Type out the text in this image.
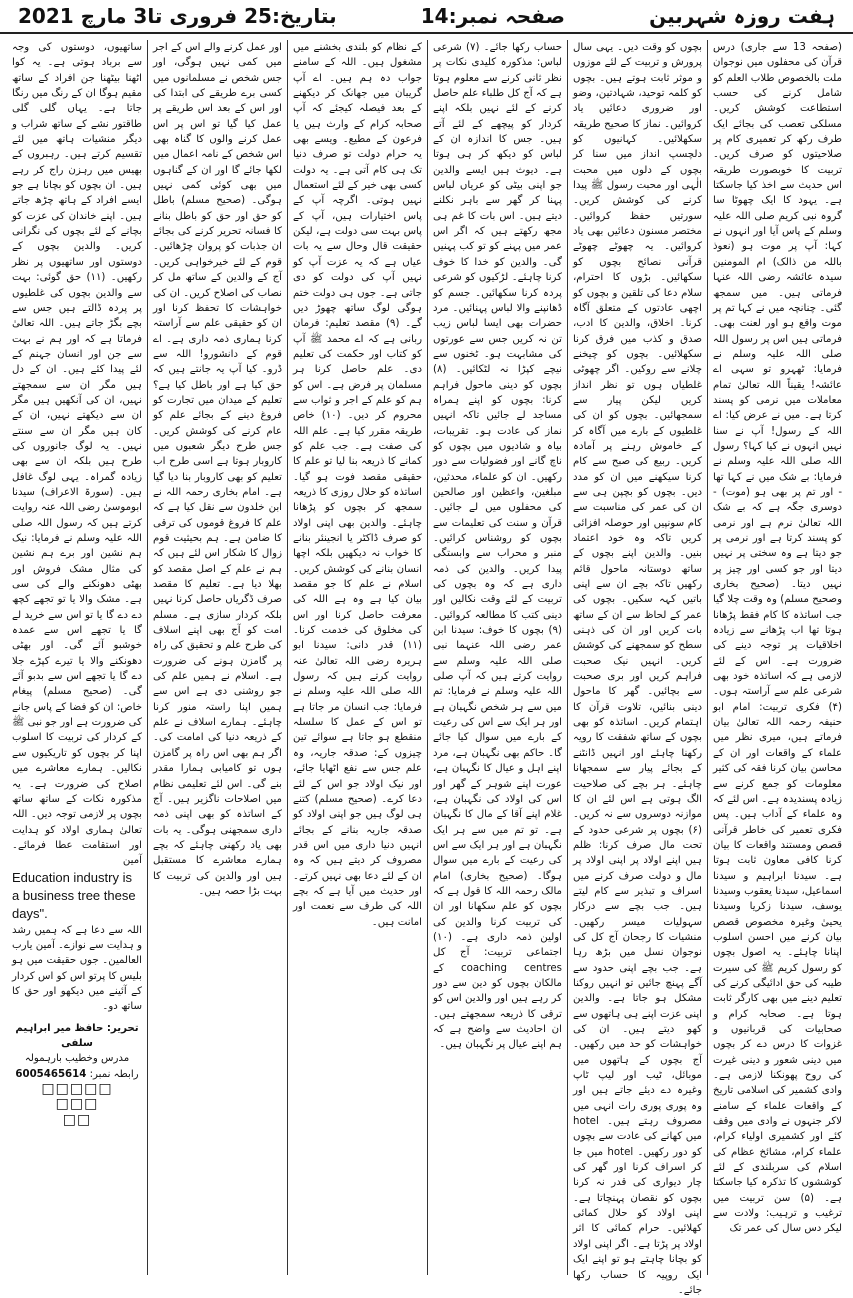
بتاریخ:25 فروری تا3 مارچ 2021	صفحہ نمبر:14	ہفت روزہ شہربین

(صفحہ 13 سے جاری) درس قرآن کی محفلوں میں نوجوان ملت بالخصوص طلاب العلم کو شامل کرنے کی حسب استطاعت کوشش کریں۔ مسلکی تعصب کی بجائے ایک طرف رکھ کر تعمیری کام پر صلاحیتوں کو صرف کریں۔ تربیت کا خوبصورت طریقہ اس حدیث سے اخذ کیا جاسکتا ہے۔ یہود کا ایک چھوٹا سا گروہ نبی کریم صلی اللہ علیہ وسلم کے پاس آیا اور انہوں نے کہا: آپ پر موت ہو (نعوذ باللہ من ذالک) ام المومنین سیدہ عائشہ رضی اللہ عنہا فرماتی ہیں۔ میں سمجھ گئی۔ چنانچہ میں نے کہا تم پر موت واقع ہو اور لعنت بھی۔ فرماتی ہیں اس پر رسول اللہ صلی اللہ علیہ وسلم نے فرمایا: ٹھہرو تو سہی اے عائشہ! یقیناً اللہ تعالیٰ تمام معاملات میں نرمی کو پسند کرتا ہے۔ میں نے عرض کیا: اے اللہ کے رسول! آپ نے سنا نہیں انہوں نے کیا کہا؟ رسول اللہ صلی اللہ علیہ وسلم نے فرمایا: بے شک میں نے کہا تھا - اور تم پر بھی ہو (موت) - دوسری جگہ ہے کہ بے شک اللہ تعالیٰ نرم ہے اور نرمی کو پسند کرتا ہے اور نرمی پر جو دیتا ہے وہ سختی پر نہیں دیتا اور جو کسی اور چیز پر نہیں دیتا۔ (صحیح بخاری وصحیح مسلم) وہ وقت چلا گیا جب اساتذہ کا کام فقط پڑھانا ہوتا تھا اب پڑھانے سے زیادہ اخلاقیات پر توجہ دینے کی ضرورت ہے۔ اس کے لئے لازمی ہے کہ اساتذہ خود بھی شرعی علم سے آراستہ ہوں۔ (۴) فکری تربیت: امام ابو حنیفہ رحمہ اللہ تعالیٰ بیان فرماتے ہیں، میری نظر میں علماء کے واقعات اور ان کے محاسن بیان کرنا فقہ کی کثیر معلومات کو جمع کرنے سے زیادہ پسندیدہ ہے۔ اس لئے کہ وہ علماء کے آداب ہیں۔ پس فکری تعمیر کی خاطر قرآنی قصص ومستند واقعات کا بیان کرنا کافی معاون ثابت ہوتا ہے۔ سیدنا ابراہیم و سیدنا اسماعیل، سیدنا یعقوب وسیدنا یوسف، سیدنا زکریا وسیدنا یحییٰ وغیرہ مخصوص قصص بیان کرنے میں احسن اسلوب اپنانا چاہئے۔ یہ اصول بچوں کو رسول کریم ﷺ کی سیرت طیبہ کی حق ادائیگی کرنے کی تعلیم دینے میں بھی کارگر ثابت ہوتا ہے۔ صحابہ کرام و صحابیات کی قربانیوں و غزوات کا درس دے کر بچوں میں دینی شعور و دینی غیرت کی روح پھونکنا لازمی ہے۔ وادی کشمیر کی اسلامی تاریخ کے واقعات علماء کے سامنے لاکر جنہوں نے وادی میں وقف کئے اور کشمیری اولیاء کرام، علماء کرام، مشائخ عظام کی اسلام کی سربلندی کے لئے کوششوں کا تذکرہ کیا جاسکتا ہے۔ (۵) سن تربیت میں ترغیب و ترہیب: ولادت سے لیکر دس سال کی عمر تک

بچوں کو وقت دیں۔ یہی سال پرورش و تربیت کے لئے موزوں و موثر ثابت ہوتے ہیں۔ بچوں کو کلمہ توحید، شہادتین، وضو اور ضروری دعائیں یاد کروائیں۔ نماز کا صحیح طریقہ سکھلائیں۔ کہانیوں کو دلچسپ انداز میں سنا کر بچوں کے دلوں میں محبت الٰہی اور محبت رسول ﷺ پیدا کرنے کی کوشش کریں۔ سورتیں حفظ کروائیں۔ مختصر مسنون دعائیں بھی یاد کروائیں۔ یہ چھوٹے چھوٹے قرآنی نصائح بچوں کو سکھائیں۔ بڑوں کا احترام، سلام دعا کی تلقین و بچوں کو اچھی عادتوں کے متعلق آگاہ کرنا۔ اخلاق، والدین کا ادب، صدق و کذب میں فرق کرنا سکھلائیں۔ بچوں کو چیخنے چلانے سے روکیں۔ اگر چھوٹی غلطیاں ہوں تو نظر انداز کریں لیکن پیار سے سمجھائیں۔ بچوں کو ان کی غلطیوں کے بارے میں آگاہ کر کے خاموش رہنے پر آمادہ کریں۔ ربیع کی صبح سے کام کرنا سیکھنے میں ان کو مدد دیں۔ بچوں کو بچپن ہی سے ان کی عمر کی مناسبت سے کام سونپیں اور حوصلہ افزائی کریں تاکہ وہ خود اعتماد بنیں۔ والدین اپنے بچوں کے ساتھ دوستانہ ماحول قائم رکھیں تاکہ بچے ان سے اپنی باتیں کہہ سکیں۔ بچوں کی عمر کے لحاظ سے ان کے ساتھ بات کریں اور ان کی ذہنی سطح کو سمجھنے کی کوشش کریں۔ انہیں نیک صحبت فراہم کریں اور بری صحبت سے بچائیں۔ گھر کا ماحول دینی بنائیں، تلاوت قرآن کا اہتمام کریں۔ اساتذہ کو بھی بچوں کے ساتھ شفقت کا رویہ رکھنا چاہئے اور انہیں ڈانٹنے کے بجائے پیار سے سمجھانا چاہئے۔ ہر بچے کی صلاحیت الگ ہوتی ہے اس لئے ان کا موازنہ دوسروں سے نہ کریں۔ (۶) بچوں پر شرعی حدود کے تحت مال صرف کرنا: ظلم ہیں اپنے اولاد پر اپنی اولاد پر مال و دولت صرف کرنے میں اسراف و تبذیر سے کام لیتے ہیں۔ جب بچے سے درکار سہولیات میسر رکھیں۔ منشیات کا رجحان آج کل کی نوجوان نسل میں بڑھ رہا ہے۔ جب بچے اپنی حدود سے آگے پہنچ جائیں تو انہیں روکنا مشکل ہو جاتا ہے۔ والدین اپنی عزت اپنے ہی ہاتھوں سے کھو دیتے ہیں۔ ان کی خواہشات کو حد میں رکھیں۔ آج بچوں کے ہاتھوں میں موبائل، ٹیب اور لیپ ٹاپ وغیرہ دے دیئے جاتے ہیں اور وہ پوری پوری رات انہی میں مصروف رہتے ہیں۔ hotel میں کھانے کی عادت سے بچوں کو دور رکھیں۔ hotel میں جا کر اسراف کرنا اور گھر کی چار دیواری کی قدر نہ کرنا بچوں کو نقصان پہنچاتا ہے۔ اپنی اولاد کو حلال کمائی کھلائیں۔ حرام کمائی کا اثر اولاد پر پڑتا ہے۔ اگر اپنی اولاد کو بچانا چاہتے ہو تو اپنے ایک ایک روپیہ کا حساب رکھا جائے۔

حساب رکھا جائے۔ (۷) شرعی لباس: مذکورہ کلیدی نکات پر نظر ثانی کرنے سے معلوم ہوتا ہے کہ آج کل طلباء علم حاصل کرنے کے لئے نہیں بلکہ اپنے کردار کو پیچھے کے لئے آتے ہیں۔ جس کا اندازہ ان کے لباس کو دیکھ کر ہی ہوتا ہے۔ دیوث ہیں ایسے والدین جو اپنی بیٹی کو عریاں لباس پہنا کر گھر سے باہر نکلنے دیتے ہیں۔ اس بات کا غم ہی مجھ رکھتے ہیں کہ اگر اس عمر میں پہنے کو تو کب پہنیں گی۔ والدین کو خدا کا خوف کرنا چاہئے۔ لڑکیوں کو شرعی پردہ کرنا سکھائیں۔ جسم کو ڈھانپنے والا لباس پہنائیں۔ مرد حضرات بھی ایسا لباس زیب تن نہ کریں جس سے عورتوں کی مشابہت ہو۔ ٹخنوں سے نیچے کپڑا نہ لٹکائیں۔ (۸) بچوں کو دینی ماحول فراہم کرنا: بچوں کو اپنے ہمراہ مساجد لے جائیں تاکہ انہیں نماز کی عادت ہو۔ تقریبات، بیاہ و شادیوں میں بچوں کو ناچ گانے اور فضولیات سے دور رکھیں۔ ان کو علماء، محدثین، مبلغین، واعظین اور صالحین کی محفلوں میں لے جائیں۔ قرآن و سنت کی تعلیمات سے بچوں کو روشناس کرائیں۔ منبر و محراب سے وابستگی پیدا کریں۔ والدین کی ذمہ داری ہے کہ وہ بچوں کی تربیت کے لئے وقت نکالیں اور دینی کتب کا مطالعہ کروائیں۔ (۹) بچوں کا خوف: سیدنا ابن عمر رضی اللہ عنہما نبی صلی اللہ علیہ وسلم سے روایت کرتے ہیں کہ آپ صلی اللہ علیہ وسلم نے فرمایا: تم میں سے ہر شخص نگہبان ہے اور ہر ایک سے اس کی رعیت کے بارے میں سوال کیا جائے گا۔ حاکم بھی نگہبان ہے، مرد اپنے اہل و عیال کا نگہبان ہے، عورت اپنے شوہر کے گھر اور اس کی اولاد کی نگہبان ہے، غلام اپنے آقا کے مال کا نگہبان ہے۔ تو تم میں سے ہر ایک نگہبان ہے اور ہر ایک سے اس کی رعیت کے بارے میں سوال ہوگا۔ (صحیح بخاری) امام مالک رحمہ اللہ کا قول ہے کہ بچوں کو علم سکھانا اور ان کی تربیت کرنا والدین کی اولین ذمہ داری ہے۔ (۱۰) اجتماعی تربیت: آج کل coaching centres کے مالکان بچوں کو دین سے دور کر رہے ہیں اور والدین اس کو ترقی کا ذریعہ سمجھتے ہیں۔ ان احادیث سے واضح ہے کہ ہم اپنے عیال پر نگہبان ہیں۔

کے نظام کو بلندی بخشنے میں مشغول ہیں۔ اللہ کے سامنے جواب دہ ہم ہیں۔ اے آپ گریبان میں جھانک کر دیکھنے کے بعد فیصلہ کیجئے کہ آپ صحابہ کرام کے وارث ہیں یا فرعون کے مطیع۔ ویسے بھی یہ حرام دولت تو صرف دنیا تک ہی کام آتی ہے۔ یہ دولت کسی بھی خیر کے لئے استعمال نہیں ہوتی۔ اگرچہ آپ کے پاس اختیارات ہیں، آپ کے پاس بہت سی دولت ہے، لیکن حقیقت قال وحال سے یہ بات عیاں ہے کہ یہ عزت آپ کو نہیں آپ کی دولت کو دی جاتی ہے۔ جوں ہی دولت ختم ہوگی لوگ ساتھ چھوڑ دیں گے۔ (۹) مقصد تعلیم: فرمان ربانی ہے کہ اے محمد ﷺ آپ کو کتاب اور حکمت کی تعلیم دی۔ علم حاصل کرنا ہر مسلمان پر فرض ہے۔ اس کو ہم کو علم کے اجر و ثواب سے محروم کر دیں۔ (۱۰) خاص طریقہ مقرر کیا ہے۔ علم اللہ کی صفت ہے۔ جب علم کو کمانے کا ذریعہ بنا لیا تو علم کا حقیقی مقصد فوت ہو گیا۔ اساتذہ کو حلال روزی کا ذریعہ سمجھ کر بچوں کو پڑھانا چاہئے۔ والدین بھی اپنی اولاد کو صرف ڈاکٹر یا انجینئر بنانے کا خواب نہ دیکھیں بلکہ اچھا انسان بنانے کی کوشش کریں۔ اسلام نے علم کا جو مقصد بیان کیا ہے وہ ہے اللہ کی معرفت حاصل کرنا اور اس کی مخلوق کی خدمت کرنا۔ (۱۱) قدر دانی: سیدنا ابو ہریرہ رضی اللہ تعالیٰ عنہ روایت کرتے ہیں کہ رسول اللہ صلی اللہ علیہ وسلم نے فرمایا: جب انسان مر جاتا ہے تو اس کے عمل کا سلسلہ منقطع ہو جاتا ہے سوائے تین چیزوں کے: صدقہ جاریہ، وہ علم جس سے نفع اٹھایا جائے، اور نیک اولاد جو اس کے لئے دعا کرے۔ (صحیح مسلم) کتنے ہی لوگ ہیں جو اپنی اولاد کو صدقہ جاریہ بنانے کے بجائے انہیں دنیا داری میں اس قدر مصروف کر دیتے ہیں کہ وہ ان کے لئے دعا بھی نہیں کرتے۔ اور حدیث میں آیا ہے کہ بچے اللہ کی طرف سے نعمت اور امانت ہیں۔

اور عمل کرنے والے اس کے اجر میں کمی نہیں ہوگی، اور جس شخص نے مسلمانوں میں کسی برے طریقے کی ابتدا کی اور اس کے بعد اس طریقے پر عمل کیا گیا تو اس پر اس عمل کرنے والوں کا گناہ بھی اس شخص کے نامہ اعمال میں لکھا جائے گا اور ان کے گناہوں میں بھی کوئی کمی نہیں ہوگی۔ (صحیح مسلم) باطل کو حق اور حق کو باطل بنانے کا فسانہ تحریر کرنے کی بجائے ان جذبات کو پروان چڑھائیں۔ قوم کے لئے خیرخواہی کریں۔ آج کے والدین کے ساتھ مل کر نصاب کی اصلاح کریں۔ ان کی خواہشات کا تحفظ کرنا اور ان کو حقیقی علم سے آراستہ کرنا ہماری ذمہ داری ہے۔ اے قوم کے دانشورو! اللہ سے ڈرو۔ کیا آپ یہ جانتے ہیں کہ حق کیا ہے اور باطل کیا ہے؟ تعلیم کے میدان میں تجارت کو فروغ دینے کے بجائے علم کو عام کرنے کی کوشش کریں۔ جس طرح دیگر شعبوں میں کاروبار ہوتا ہے اسی طرح اب تعلیم کو بھی کاروبار بنا دیا گیا ہے۔ امام بخاری رحمہ اللہ نے ابن خلدون سے نقل کیا ہے کہ علم کا فروغ قوموں کی ترقی کا ضامن ہے۔ ہم بحیثیت قوم زوال کا شکار اس لئے ہیں کہ ہم نے علم کے اصل مقصد کو بھلا دیا ہے۔ تعلیم کا مقصد صرف ڈگریاں حاصل کرنا نہیں بلکہ کردار سازی ہے۔ مسلم امت کو آج بھی اپنے اسلاف کی طرح علم و تحقیق کی راہ پر گامزن ہونے کی ضرورت ہے۔ اسلام نے ہمیں علم کی جو روشنی دی ہے اس سے ہمیں اپنا راستہ منور کرنا چاہئے۔ ہمارے اسلاف نے علم کے ذریعہ دنیا کی امامت کی۔ اگر ہم بھی اس راہ پر گامزن ہوں تو کامیابی ہمارا مقدر بنے گی۔ اس لئے تعلیمی نظام میں اصلاحات ناگزیر ہیں۔ آج کے اساتذہ کو بھی اپنی ذمہ داری سمجھنی ہوگی۔ یہ بات بھی یاد رکھنی چاہئے کہ بچے ہمارے معاشرے کا مستقبل ہیں اور والدین کی تربیت کا بہت بڑا حصہ ہیں۔

ساتھیوں، دوستوں کی وجہ سے برباد ہوتی ہے۔ یہ کوا اٹھنا بیٹھنا جن افراد کے ساتھ مقیم ہوگا ان کے رنگ میں رنگا جاتا ہے۔ یہاں گلی گلی طاقتور نشے کے ساتھ شراب و دیگر منشیات ہاتھ میں لئے تقسیم کرتے ہیں۔ رہبروں کے بھیس میں رہزن راج کر رہے ہیں۔ ان بچوں کو بچانا ہے جو ایسے افراد کے ہاتھ چڑھ جاتے ہیں۔ اپنے خاندان کی عزت کو بچانے کے لئے بچوں کی نگرانی کریں۔ والدین بچوں کے دوستوں اور ساتھیوں پر نظر رکھیں۔ (۱۱) حق گوئی: بہت سے والدین بچوں کی غلطیوں پر پردہ ڈالتے ہیں جس سے بچے بگڑ جاتے ہیں۔ اللہ تعالیٰ فرماتا ہے کہ اور ہم نے بہت سے جن اور انسان جہنم کے لئے پیدا کئے ہیں۔ ان کے دل ہیں مگر ان سے سمجھتے نہیں، ان کی آنکھیں ہیں مگر ان سے دیکھتے نہیں، ان کے کان ہیں مگر ان سے سنتے نہیں۔ یہ لوگ جانوروں کی طرح ہیں بلکہ ان سے بھی زیادہ گمراہ۔ یہی لوگ غافل ہیں۔ (سورۃ الاعراف) سیدنا ابوموسیٰ رضی اللہ عنہ روایت کرتے ہیں کہ رسول اللہ صلی اللہ علیہ وسلم نے فرمایا: نیک ہم نشین اور برے ہم نشین کی مثال مشک فروش اور بھٹی دھونکنے والے کی سی ہے۔ مشک والا یا تو تجھے کچھ دے دے گا یا تو اس سے خرید لے گا یا تجھے اس سے عمدہ خوشبو آئے گی۔ اور بھٹی دھونکنے والا یا تیرے کپڑے جلا دے گا یا تجھے اس سے بدبو آئے گی۔ (صحیح مسلم) پیغام خاص: ان کو فضا کے پاس جانے کی ضرورت ہے اور جو نبی ﷺ کے کردار کی تربیت کا اسلوب اپنا کر بچوں کو تاریکیوں سے نکالیں۔ ہمارے معاشرے میں اصلاح کی ضرورت ہے۔ یہ مذکورہ نکات کے ساتھ ساتھ بچوں پر لازمی توجہ دیں۔ اللہ تعالیٰ ہماری اولاد کو ہدایت اور استقامت عطا فرمائے۔ آمین

Education industry is a business tree these days".

اللہ سے دعا ہے کہ ہمیں رشد و ہدایت سے نوازے۔ آمین یارب العالمین۔ جوں حقیقت میں ہو بلیس کا پرتو اس کو اس کردار کے آئینے میں دیکھو اور حق کا ساتھ دو۔

تحریر: حافظ میر ابراہیم سلفی
مدرس وخطیب بارہمولہ
رابطہ نمبر: 6005465614
□□□□□
□□□
□□
